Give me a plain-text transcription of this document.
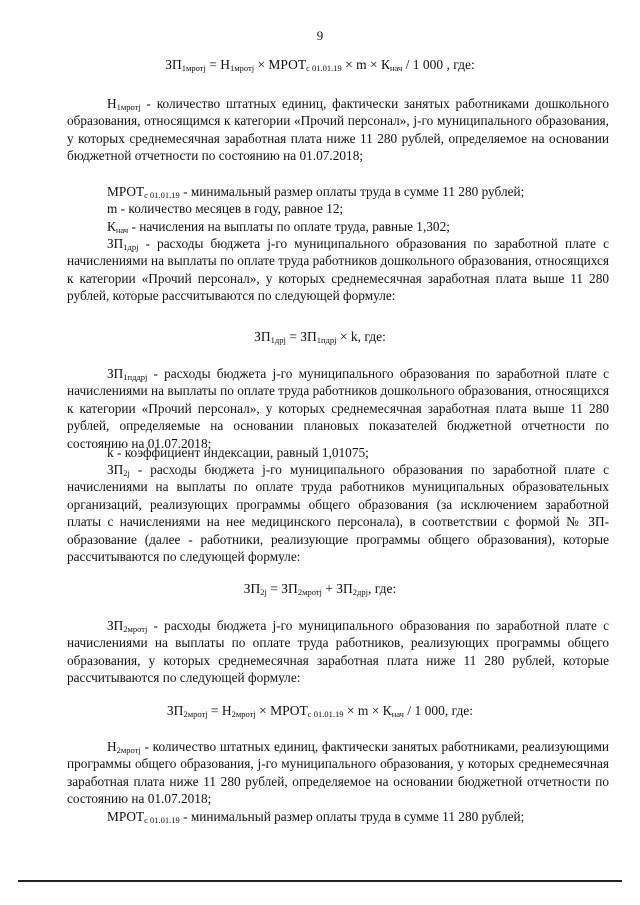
9
$ЗП_{1мротj} = Н_{1мротj}$ × $МРОТ_{с 01.01.19} \times m \times К_{нач} / 1$ 000 , где:
$Н_{1мротj}$ - количество штатных единиц, фактически занятых работниками дошкольного образования, относящимся к категории «Прочий персонал», j-го муниципального образования, у которых среднемесячная заработная плата ниже 11 280 рублей, определяемое на основании бюджетной отчетности по состоянию на 01.07.2018;
$МРОТ_{с 01.01.19}$ - минимальный размер оплаты труда в сумме 11 280 рублей;
m - количество месяцев в году, равное 12;
$К_{нач}$ - начисления на выплаты по оплате труда, равные 1,302;
$ЗП_{1дрj}$ - расходы бюджета j-го муниципального образования по заработной плате с начислениями на выплаты по оплате труда работников дошкольного образования, относящихся к категории «Прочий персонал», у которых среднемесячная заработная плата выше 11 280 рублей, которые рассчитываются по следующей формуле:
$ЗП_{1дрj} = ЗП_{1пдрj} \times k$, где:
$ЗП_{1пддрj}$ - расходы бюджета j-го муниципального образования по заработной плате с начислениями на выплаты по оплате труда работников дошкольного образования, относящихся к категории «Прочий персонал», у которых среднемесячная заработная плата выше 11 280 рублей, определяемые на основании плановых показателей бюджетной отчетности по состоянию на 01.07.2018;
k - коэффициент индексации, равный 1,01075;
$ЗП_{2j}$ - расходы бюджета j-го муниципального образования по заработной плате с начислениями на выплаты по оплате труда работников муниципальных образовательных организаций, реализующих программы общего образования (за исключением заработной платы с начислениями на нее медицинского персонала), в соответствии с формой № ЗП-образование (далее - работники, реализующие программы общего образования), которые рассчитываются по следующей формуле:
$ЗП_{2j} = ЗП_{2мротj} + ЗП_{2дрj}$, где:
$ЗП_{2мротj}$ - расходы бюджета j-го муниципального образования по заработной плате с начислениями на выплаты по оплате труда работников, реализующих программы общего образования, у которых среднемесячная заработная плата ниже 11 280 рублей, которые рассчитываются по следующей формуле:
$ЗП_{2мротj} = Н_{2мротj}$ × $МРОТ_{с 01.01.19} \times m \times К_{нач} / 1$ 000, где:
$Н_{2мротj}$ - количество штатных единиц, фактически занятых работниками, реализующими программы общего образования, j-го муниципального образования, у которых среднемесячная заработная плата ниже 11 280 рублей, определяемое на основании бюджетной отчетности по состоянию на 01.07.2018;
$МРОТ_{с 01.01.19}$ - минимальный размер оплаты труда в сумме 11 280 рублей;
